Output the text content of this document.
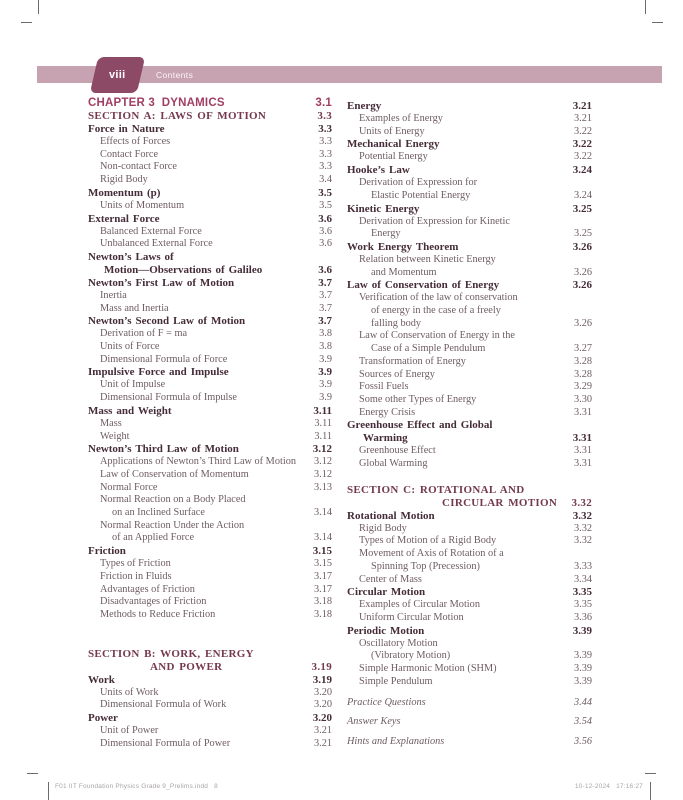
viii	Contents
CHAPTER 3  DYNAMICS	3.1
SECTION A: LAWS OF MOTION	3.3
Force in Nature	3.3
Effects of Forces	3.3
Contact Force	3.3
Non-contact Force	3.3
Rigid Body	3.4
Momentum (p)	3.5
Units of Momentum	3.5
External Force	3.6
Balanced External Force	3.6
Unbalanced External Force	3.6
Newton’s Laws of
Motion—Observations of Galileo	3.6
Newton’s First Law of Motion	3.7
Inertia	3.7
Mass and Inertia	3.7
Newton’s Second Law of Motion	3.7
Derivation of F = ma	3.8
Units of Force	3.8
Dimensional Formula of Force	3.9
Impulsive Force and Impulse	3.9
Unit of Impulse	3.9
Dimensional Formula of Impulse	3.9
Mass and Weight	3.11
Mass	3.11
Weight	3.11
Newton’s Third Law of Motion	3.12
Applications of Newton’s Third Law of Motion	3.12
Law of Conservation of Momentum	3.12
Normal Force	3.13
Normal Reaction on a Body Placed
on an Inclined Surface	3.14
Normal Reaction Under the Action
of an Applied Force	3.14
Friction	3.15
Types of Friction	3.15
Friction in Fluids	3.17
Advantages of Friction	3.17
Disadvantages of Friction	3.18
Methods to Reduce Friction	3.18
SECTION B: WORK, ENERGY
AND POWER	3.19
Work	3.19
Units of Work	3.20
Dimensional Formula of Work	3.20
Power	3.20
Unit of Power	3.21
Dimensional Formula of Power	3.21
Energy	3.21
Examples of Energy	3.21
Units of Energy	3.22
Mechanical Energy	3.22
Potential Energy	3.22
Hooke’s Law	3.24
Derivation of Expression for
Elastic Potential Energy	3.24
Kinetic Energy	3.25
Derivation of Expression for Kinetic
Energy	3.25
Work Energy Theorem	3.26
Relation between Kinetic Energy
and Momentum	3.26
Law of Conservation of Energy	3.26
Verification of the law of conservation
of energy in the case of a freely
falling body	3.26
Law of Conservation of Energy in the
Case of a Simple Pendulum	3.27
Transformation of Energy	3.28
Sources of Energy	3.28
Fossil Fuels	3.29
Some other Types of Energy	3.30
Energy Crisis	3.31
Greenhouse Effect and Global
Warming	3.31
Greenhouse Effect	3.31
Global Warming	3.31
SECTION C: ROTATIONAL AND
CIRCULAR MOTION	3.32
Rotational Motion	3.32
Rigid Body	3.32
Types of Motion of a Rigid Body	3.32
Movement of Axis of Rotation of a
Spinning Top (Precession)	3.33
Center of Mass	3.34
Circular Motion	3.35
Examples of Circular Motion	3.35
Uniform Circular Motion	3.36
Periodic Motion	3.39
Oscillatory Motion
(Vibratory Motion)	3.39
Simple Harmonic Motion (SHM)	3.39
Simple Pendulum	3.39
Practice Questions	3.44
Answer Keys	3.54
Hints and Explanations	3.56
F01 IIT Foundation Physics Grade 9_Prelims.indd   8	10-12-2024   17:16:27
